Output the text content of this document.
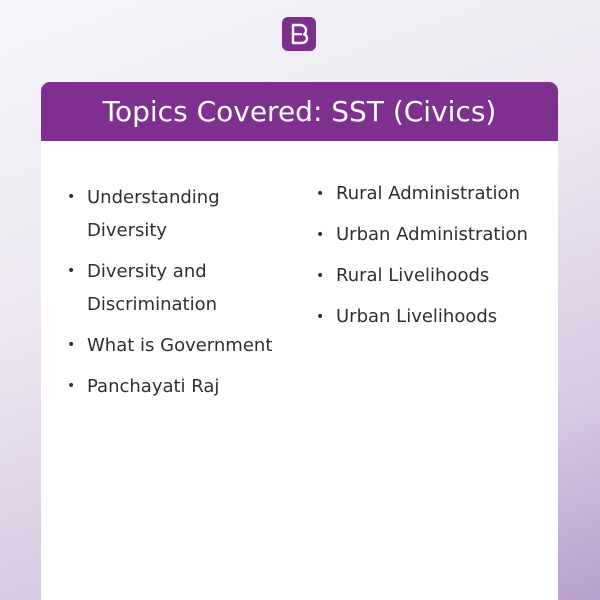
Topics Covered: SST (Civics)
• Understanding Diversity
• Diversity and Discrimination
• What is Government
• Panchayati Raj
• Rural Administration
• Urban Administration
• Rural Livelihoods
• Urban Livelihoods
